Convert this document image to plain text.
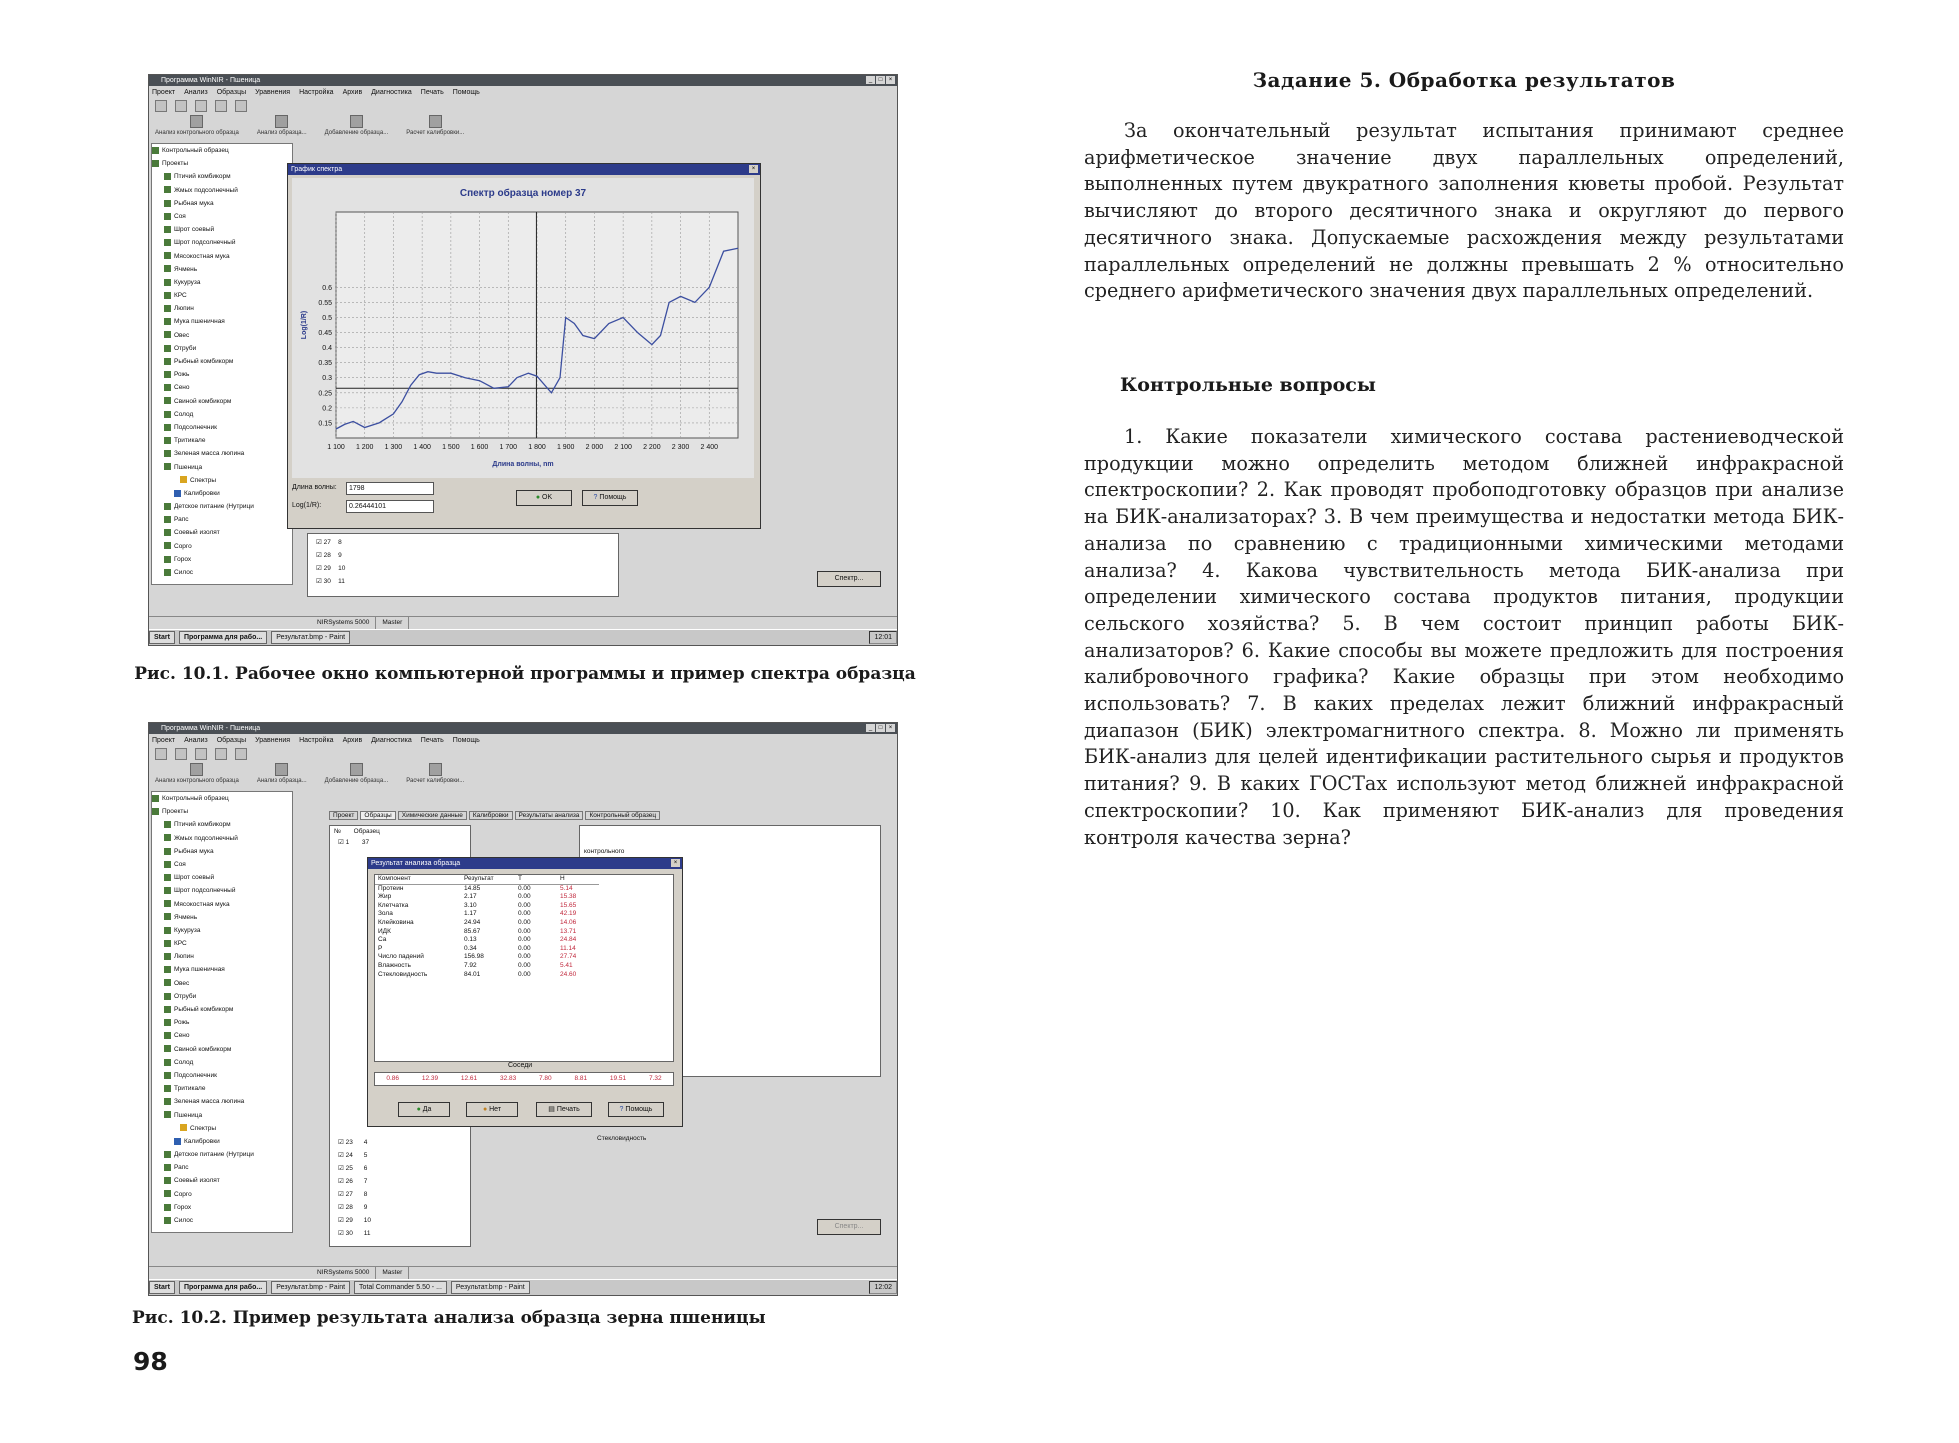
Программа WinNIR - Пшеница	_	□	×
Проект Анализ Образцы Уравнения Настройка Архив Диагностика Печать Помощь
Анализ контрольного образца	Анализ образца...	Добавление образца...	Расчет калибровки...
Контрольный образец
Проекты
Птичий комбикорм
Жмых подсолнечный
Рыбная мука
Соя
Шрот соевый
Шрот подсолнечный
Мясокостная мука
Ячмень
Кукуруза
КРС
Люпин
Мука пшеничная
Овес
Отруби
Рыбный комбикорм
Рожь
Сено
Свиной комбикорм
Солод
Подсолнечник
Тритикале
Зеленая масса люпина
Пшеница
Спектры
Калибровки
Детское питание (Нутрици
Рапс
Соевый изолят
Сорго
Горох
Силос
☑ 27 8
☑ 28 9
☑ 29 10
☑ 30 11	Спектр...
График спектра	×
Спектр образца номер 37
1 100 1 200 1 300 1 400 1 500 1 600 1 700 1 800 1 900 2 000 2 100 2 200 2 300 2 400
0.15
0.2
0.25
0.3
0.35
0.4
0.45
0.5
0.55
0.6
Длина волны, nm
Log(1/R)
Длина волны:	1798
Log(1/R):	0.26444101
● OK	? Помощь
NIRSystems 5000	Master
Start	Программа для рабо...	Результат.bmp - Paint	12:01
Рис. 10.1. Рабочее окно компьютерной программы и пример спектра образца
Программа WinNIR - Пшеница	_	□	×
Проект Анализ Образцы Уравнения Настройка Архив Диагностика Печать Помощь
Анализ контрольного образца	Анализ образца...	Добавление образца...	Расчет калибровки...
Контрольный образец
Проекты
Птичий комбикорм
Жмых подсолнечный
Рыбная мука
Соя
Шрот соевый
Шрот подсолнечный
Мясокостная мука
Ячмень
Кукуруза
КРС
Люпин
Мука пшеничная
Овес
Отруби
Рыбный комбикорм
Рожь
Сено
Свиной комбикорм
Солод
Подсолнечник
Тритикале
Зеленая масса люпина
Пшеница
Спектры
Калибровки
Детское питание (Нутрици
Рапс
Соевый изолят
Сорго
Горох
Силос
Проект	Образцы	Химические данные	Калибровки	Результаты анализа	Контрольный образец
№ Образец
☑ 1 37
☑ 23 4
☑ 24 5
☑ 25 6
☑ 26 7
☑ 27 8
☑ 28 9
☑ 29 10
☑ 30 11
контрольного
Стекловидность
Спектр...
Результат анализа образца	×
Компонент	Результат	T	H
Протеин	14.85	0.00	5.14
Жир	2.17	0.00	15.38
Клетчатка	3.10	0.00	15.65
Зола	1.17	0.00	42.19
Клейковина	24.94	0.00	14.06
ИДК	85.67	0.00	13.71
Ca	0.13	0.00	24.84
P	0.34	0.00	11.14
Число падений	156.98	0.00	27.74
Влажность	7.92	0.00	5.41
Стекловидность	84.01	0.00	24.60
Соседи
0.86	12.39	12.61	32.83	7.80	8.81	19.51	7.32
● Да	● Нет	▤ Печать	? Помощь
NIRSystems 5000	Master
Start	Программа для рабо...	Результат.bmp - Paint	Total Commander 5.50 - ...	Результат.bmp - Paint	12:02
Рис. 10.2. Пример результата анализа образца зерна пшеницы
98
Задание 5. Обработка результатов
За окончательный результат испытания принимают среднее арифметическое значение двух параллельных определений, выполненных путем двукратного заполнения кюветы пробой. Результат вычисляют до второго десятичного знака и округляют до первого десятичного знака. Допускаемые расхождения между результатами параллельных определений не должны превышать 2 % относительно среднего арифметического значения двух параллельных определений.
Контрольные вопросы
1. Какие показатели химического состава растениеводческой продукции можно определить методом ближней инфракрасной спектроскопии? 2. Как проводят пробоподготовку образцов при анализе на БИК-анализаторах? 3. В чем преимущества и недостатки метода БИК-анализа по сравнению с традиционными химическими методами анализа? 4. Какова чувствительность метода БИК-анализа при определении химического состава продуктов питания, продукции сельского хозяйства? 5. В чем состоит принцип работы БИК-анализаторов? 6. Какие способы вы можете предложить для построения калибровочного графика? Какие образцы при этом необходимо использовать? 7. В каких пределах лежит ближний инфракрасный диапазон (БИК) электромагнитного спектра. 8. Можно ли применять БИК-анализ для целей идентификации растительного сырья и продуктов питания? 9. В каких ГОСТах используют метод ближней инфракрасной спектроскопии? 10. Как применяют БИК-анализ для проведения контроля качества зерна?
